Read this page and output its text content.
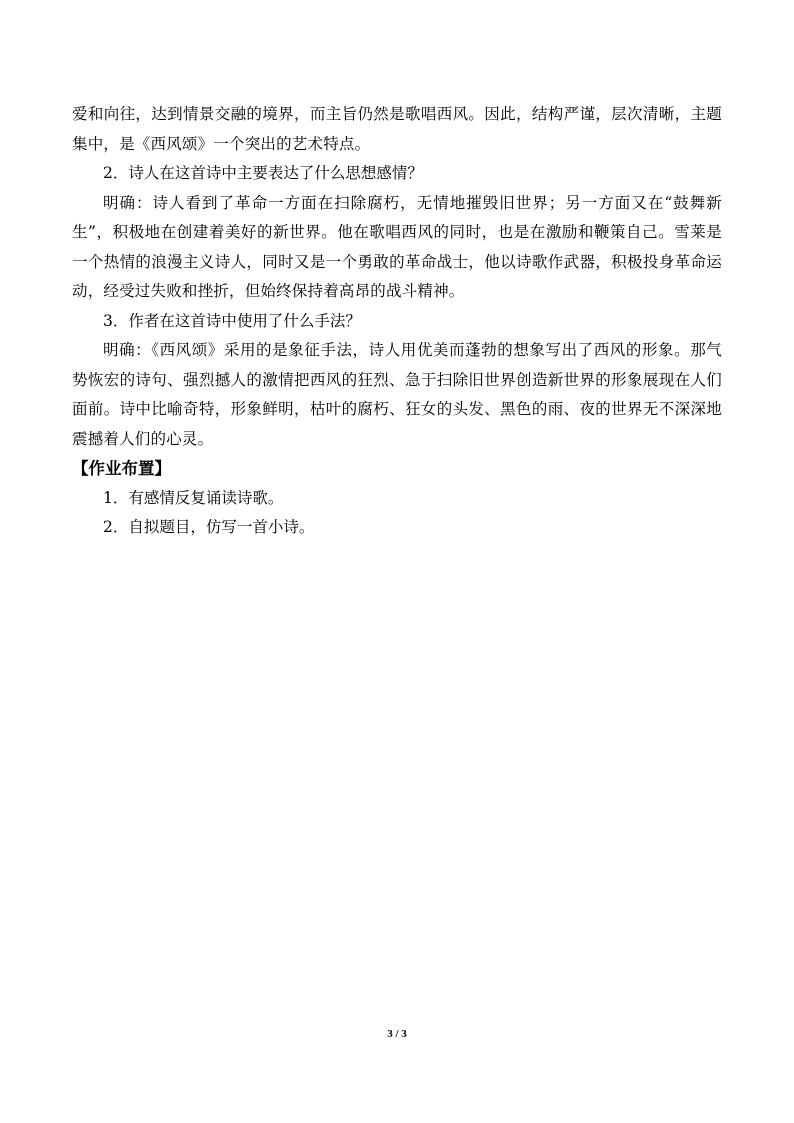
爱和向往，达到情景交融的境界，而主旨仍然是歌唱西风。因此，结构严谨，层次清晰，主题集中，是《西风颂》一个突出的艺术特点。

2．诗人在这首诗中主要表达了什么思想感情？

明确：诗人看到了革命一方面在扫除腐朽，无情地摧毁旧世界；另一方面又在“鼓舞新生”，积极地在创建着美好的新世界。他在歌唱西风的同时，也是在激励和鞭策自己。雪莱是一个热情的浪漫主义诗人，同时又是一个勇敢的革命战士，他以诗歌作武器，积极投身革命运动，经受过失败和挫折，但始终保持着高昂的战斗精神。

3．作者在这首诗中使用了什么手法？

明确：《西风颂》采用的是象征手法，诗人用优美而蓬勃的想象写出了西风的形象。那气势恢宏的诗句、强烈撼人的激情把西风的狂烈、急于扫除旧世界创造新世界的形象展现在人们面前。诗中比喻奇特，形象鲜明，枯叶的腐朽、狂女的头发、黑色的雨、夜的世界无不深深地震撼着人们的心灵。

【作业布置】

1．有感情反复诵读诗歌。

2．自拟题目，仿写一首小诗。

3 / 3
